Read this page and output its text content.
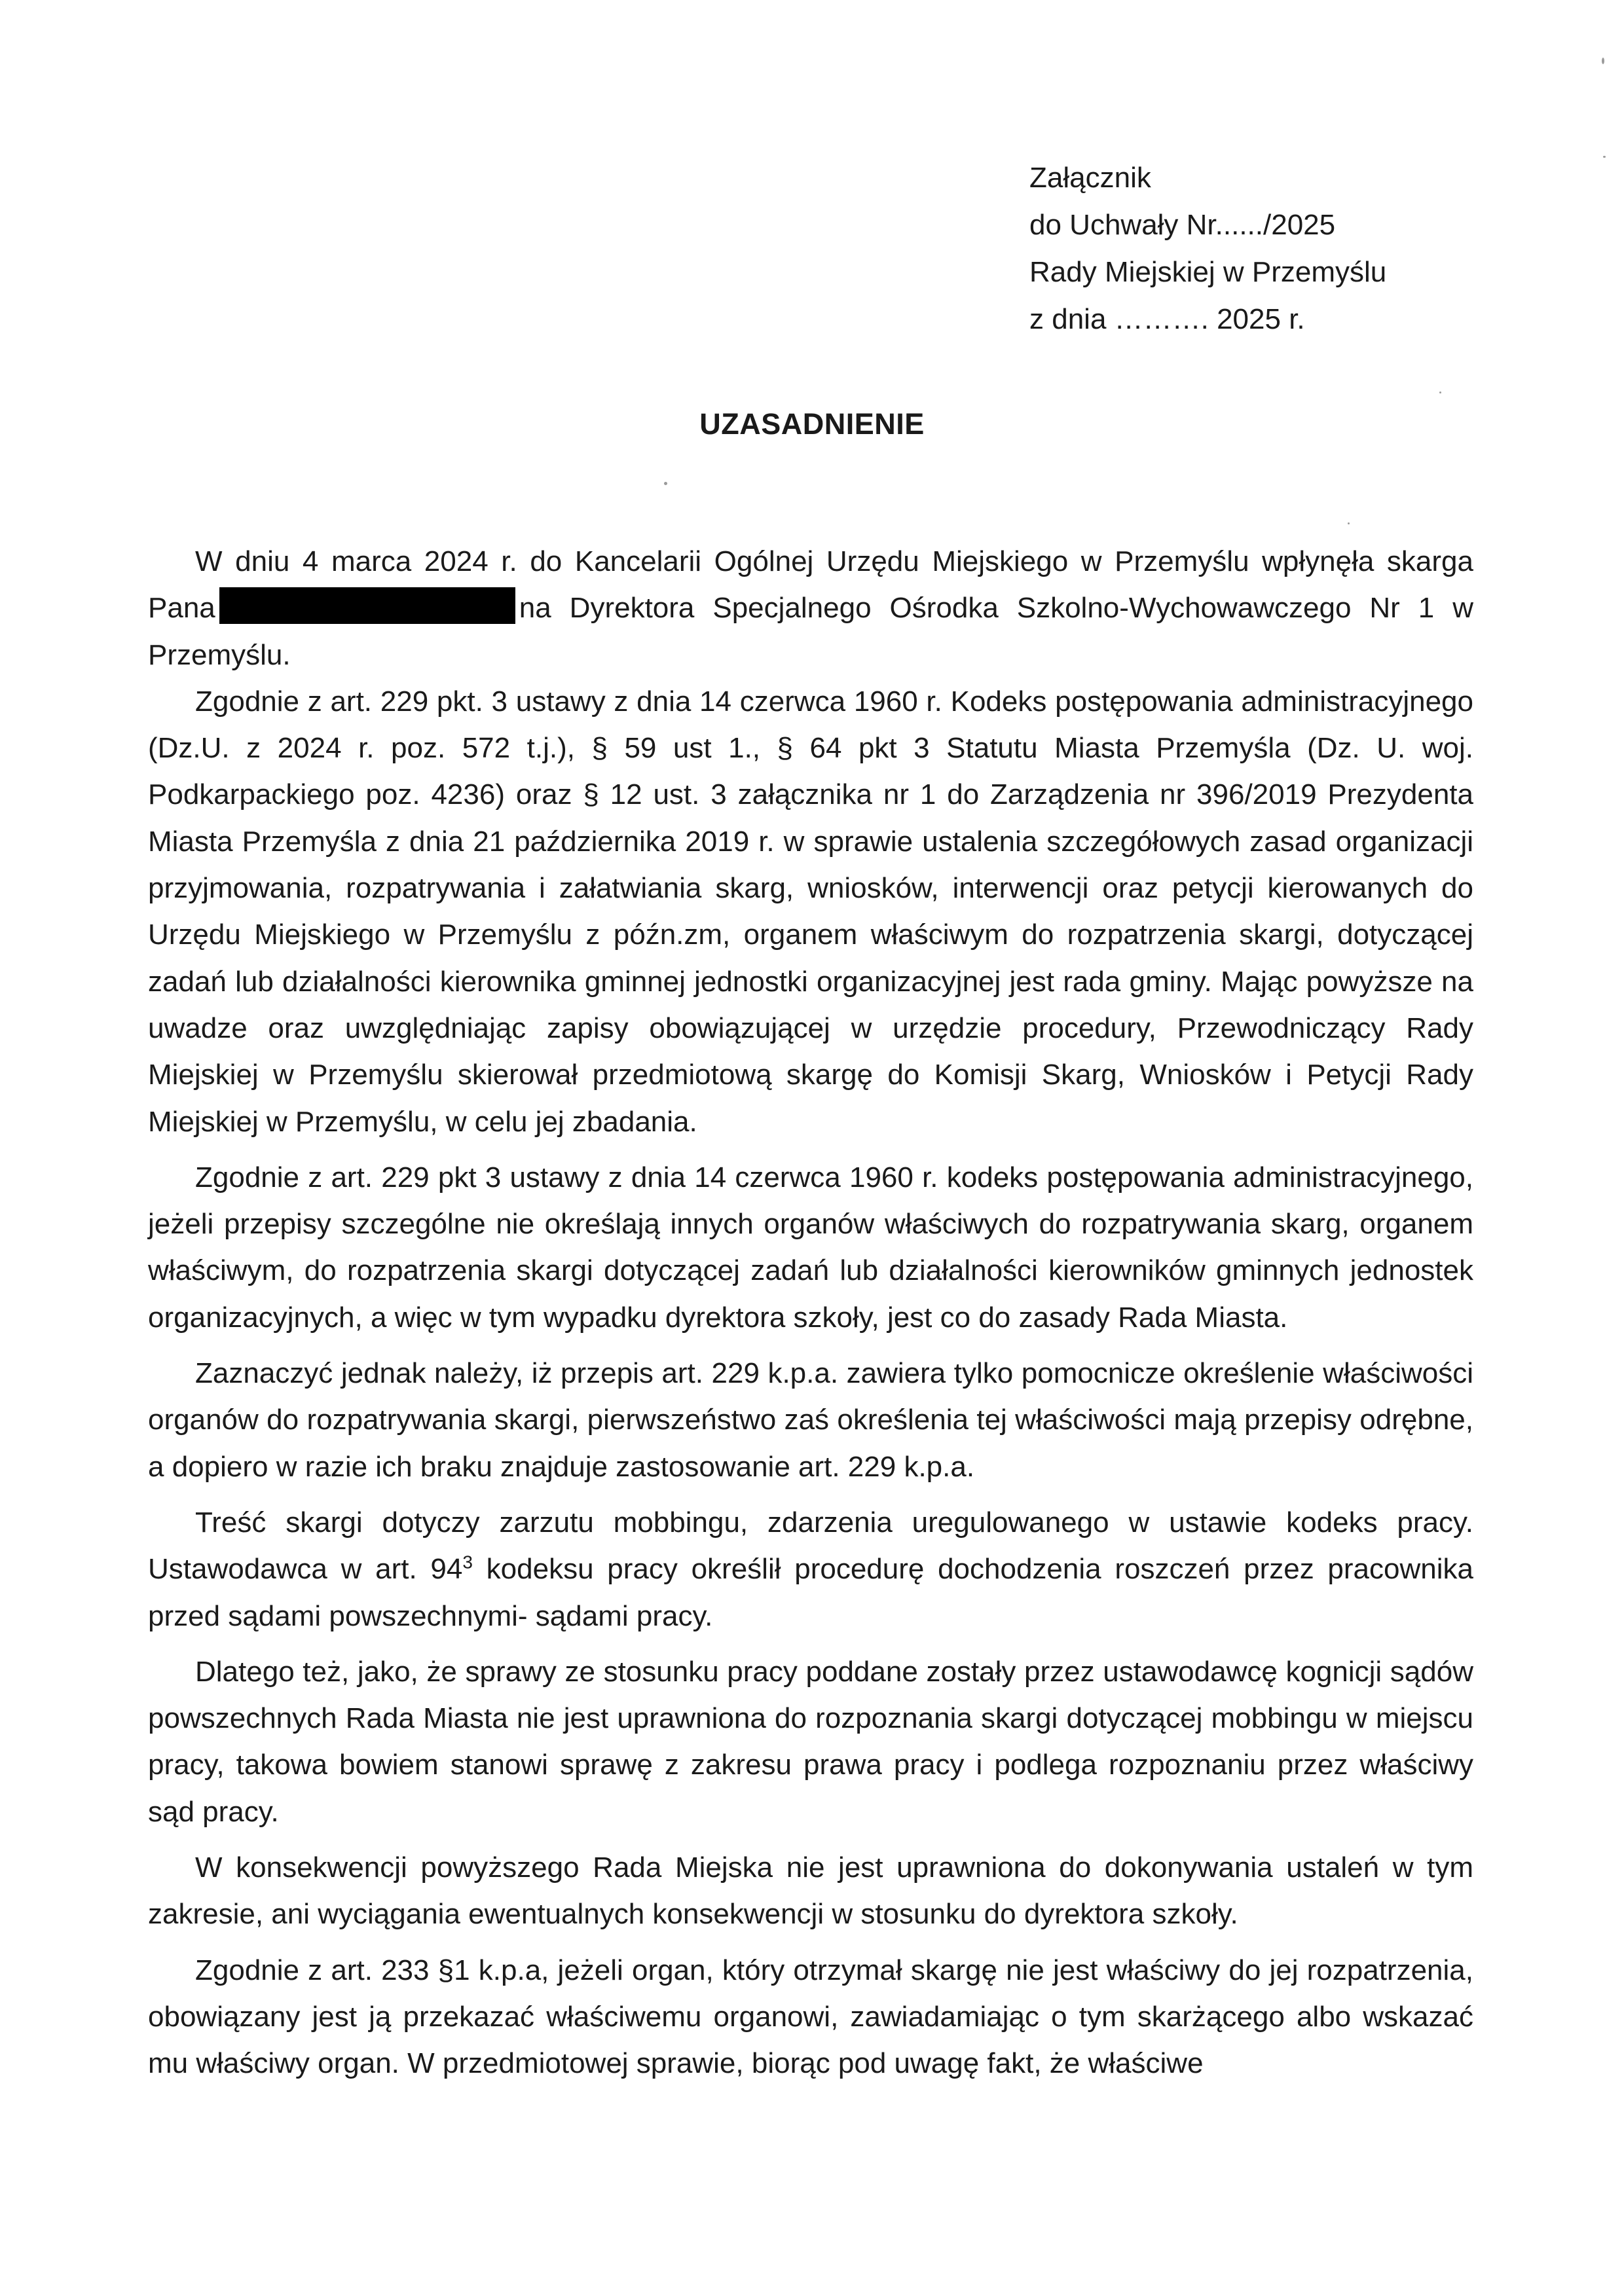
Załącznik
do Uchwały Nr....../2025
Rady Miejskiej w Przemyślu
z dnia ………. 2025 r.
UZASADNIENIE

W dniu 4 marca 2024 r. do Kancelarii Ogólnej Urzędu Miejskiego w Przemyślu wpłynęła skarga Pana	na Dyrektora Specjalnego Ośrodka Szkolno-Wychowawczego Nr 1 w Przemyślu.

Zgodnie z art. 229 pkt. 3 ustawy z dnia 14 czerwca 1960 r. Kodeks postępowania administracyjnego (Dz.U. z 2024 r. poz. 572 t.j.), § 59 ust 1., § 64 pkt 3 Statutu Miasta Przemyśla (Dz. U. woj. Podkarpackiego poz. 4236) oraz § 12 ust. 3 załącznika nr 1 do Zarządzenia nr 396/2019 Prezydenta Miasta Przemyśla z dnia 21 października 2019 r. w sprawie ustalenia szczegółowych zasad organizacji przyjmowania, rozpatrywania i załatwiania skarg, wniosków, interwencji oraz petycji kierowanych do Urzędu Miejskiego w Przemyślu z późn.zm, organem właściwym do rozpatrzenia skargi, dotyczącej zadań lub działalności kierownika gminnej jednostki organizacyjnej jest rada gminy. Mając powyższe na uwadze oraz uwzględniając zapisy obowiązującej w urzędzie procedury, Przewodniczący Rady Miejskiej w Przemyślu skierował przedmiotową skargę do Komisji Skarg, Wniosków i Petycji Rady Miejskiej w Przemyślu, w celu jej zbadania.

Zgodnie z art. 229 pkt 3 ustawy z dnia 14 czerwca 1960 r. kodeks postępowania administracyjnego, jeżeli przepisy szczególne nie określają innych organów właściwych do rozpatrywania skarg, organem właściwym, do rozpatrzenia skargi dotyczącej zadań lub działalności kierowników gminnych jednostek organizacyjnych, a więc w tym wypadku dyrektora szkoły, jest co do zasady Rada Miasta.

Zaznaczyć jednak należy, iż przepis art. 229 k.p.a. zawiera tylko pomocnicze określenie właściwości organów do rozpatrywania skargi, pierwszeństwo zaś określenia tej właściwości mają przepisy odrębne, a dopiero w razie ich braku znajduje zastosowanie art. 229 k.p.a.

Treść skargi dotyczy zarzutu mobbingu, zdarzenia uregulowanego w ustawie kodeks pracy. Ustawodawca w art. $94^3$ kodeksu pracy określił procedurę dochodzenia roszczeń przez pracownika przed sądami powszechnymi- sądami pracy.

Dlatego też, jako, że sprawy ze stosunku pracy poddane zostały przez ustawodawcę kognicji sądów powszechnych Rada Miasta nie jest uprawniona do rozpoznania skargi dotyczącej mobbingu w miejscu pracy, takowa bowiem stanowi sprawę z zakresu prawa pracy i podlega rozpoznaniu przez właściwy sąd pracy.

W konsekwencji powyższego Rada Miejska nie jest uprawniona do dokonywania ustaleń w tym zakresie, ani wyciągania ewentualnych konsekwencji w stosunku do dyrektora szkoły.

Zgodnie z art. 233 §1 k.p.a, jeżeli organ, który otrzymał skargę nie jest właściwy do jej rozpatrzenia, obowiązany jest ją przekazać właściwemu organowi, zawiadamiając o tym skarżącego albo wskazać mu właściwy organ. W przedmiotowej sprawie, biorąc pod uwagę fakt, że właściwe
